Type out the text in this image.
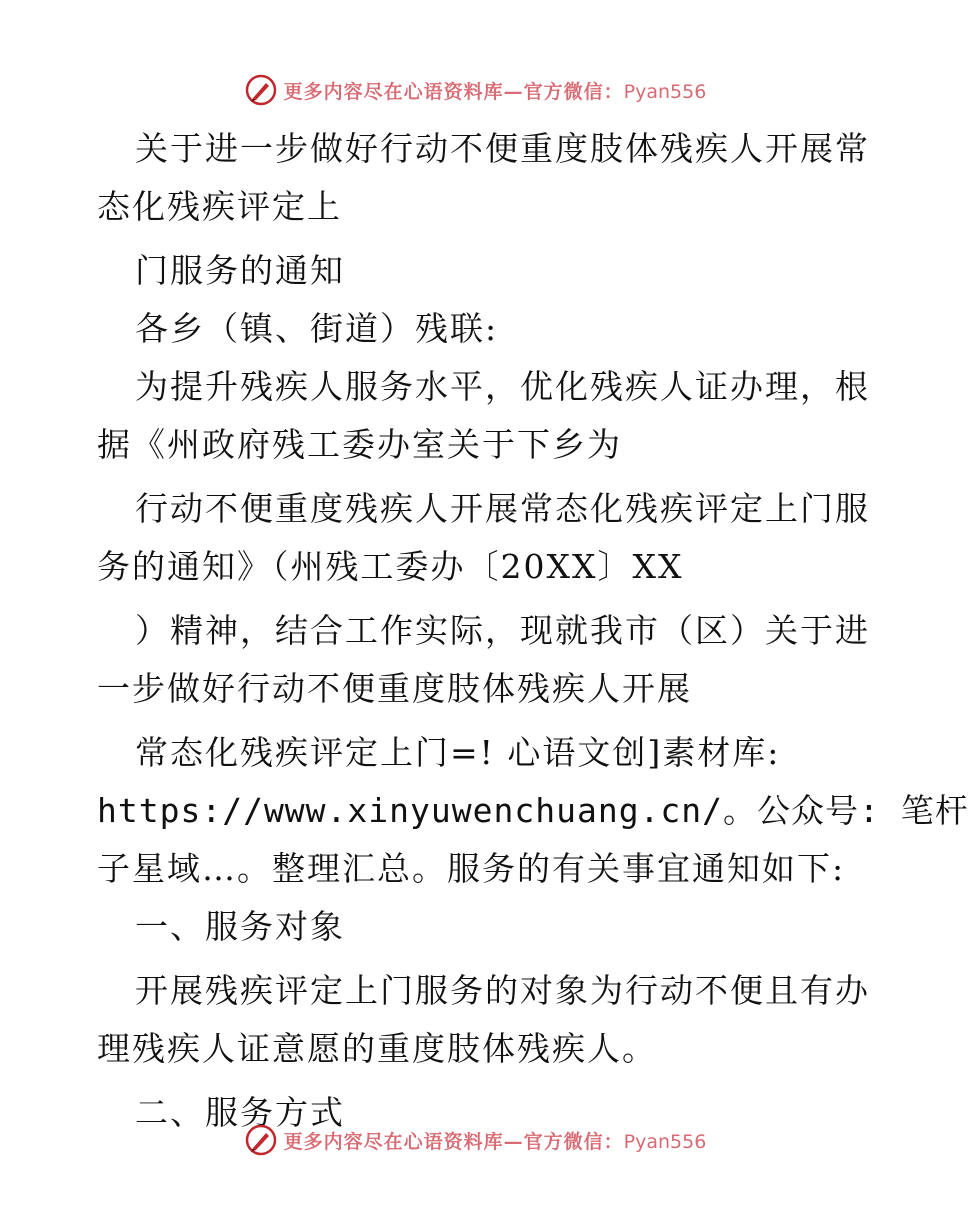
更多内容尽在心语资料库—官方微信：Pyan556
关于进一步做好行动不便重度肢体残疾人开展常
态化残疾评定上
门服务的通知
各乡（镇、街道）残联:
为提升残疾人服务水平，优化残疾人证办理，根
据《州政府残工委办室关于下乡为
行动不便重度残疾人开展常态化残疾评定上门服
务的通知》（州残工委办〔20XX〕XX
）精神，结合工作实际，现就我市（区）关于进
一步做好行动不便重度肢体残疾人开展
常态化残疾评定上门=! 心语文创]素材库:
https://www.xinyuwenchuang.cn/。公众号: 笔杆
子星域…。整理汇总。服务的有关事宜通知如下:
一、服务对象
开展残疾评定上门服务的对象为行动不便且有办
理残疾人证意愿的重度肢体残疾人。
二、服务方式
更多内容尽在心语资料库—官方微信：Pyan556
